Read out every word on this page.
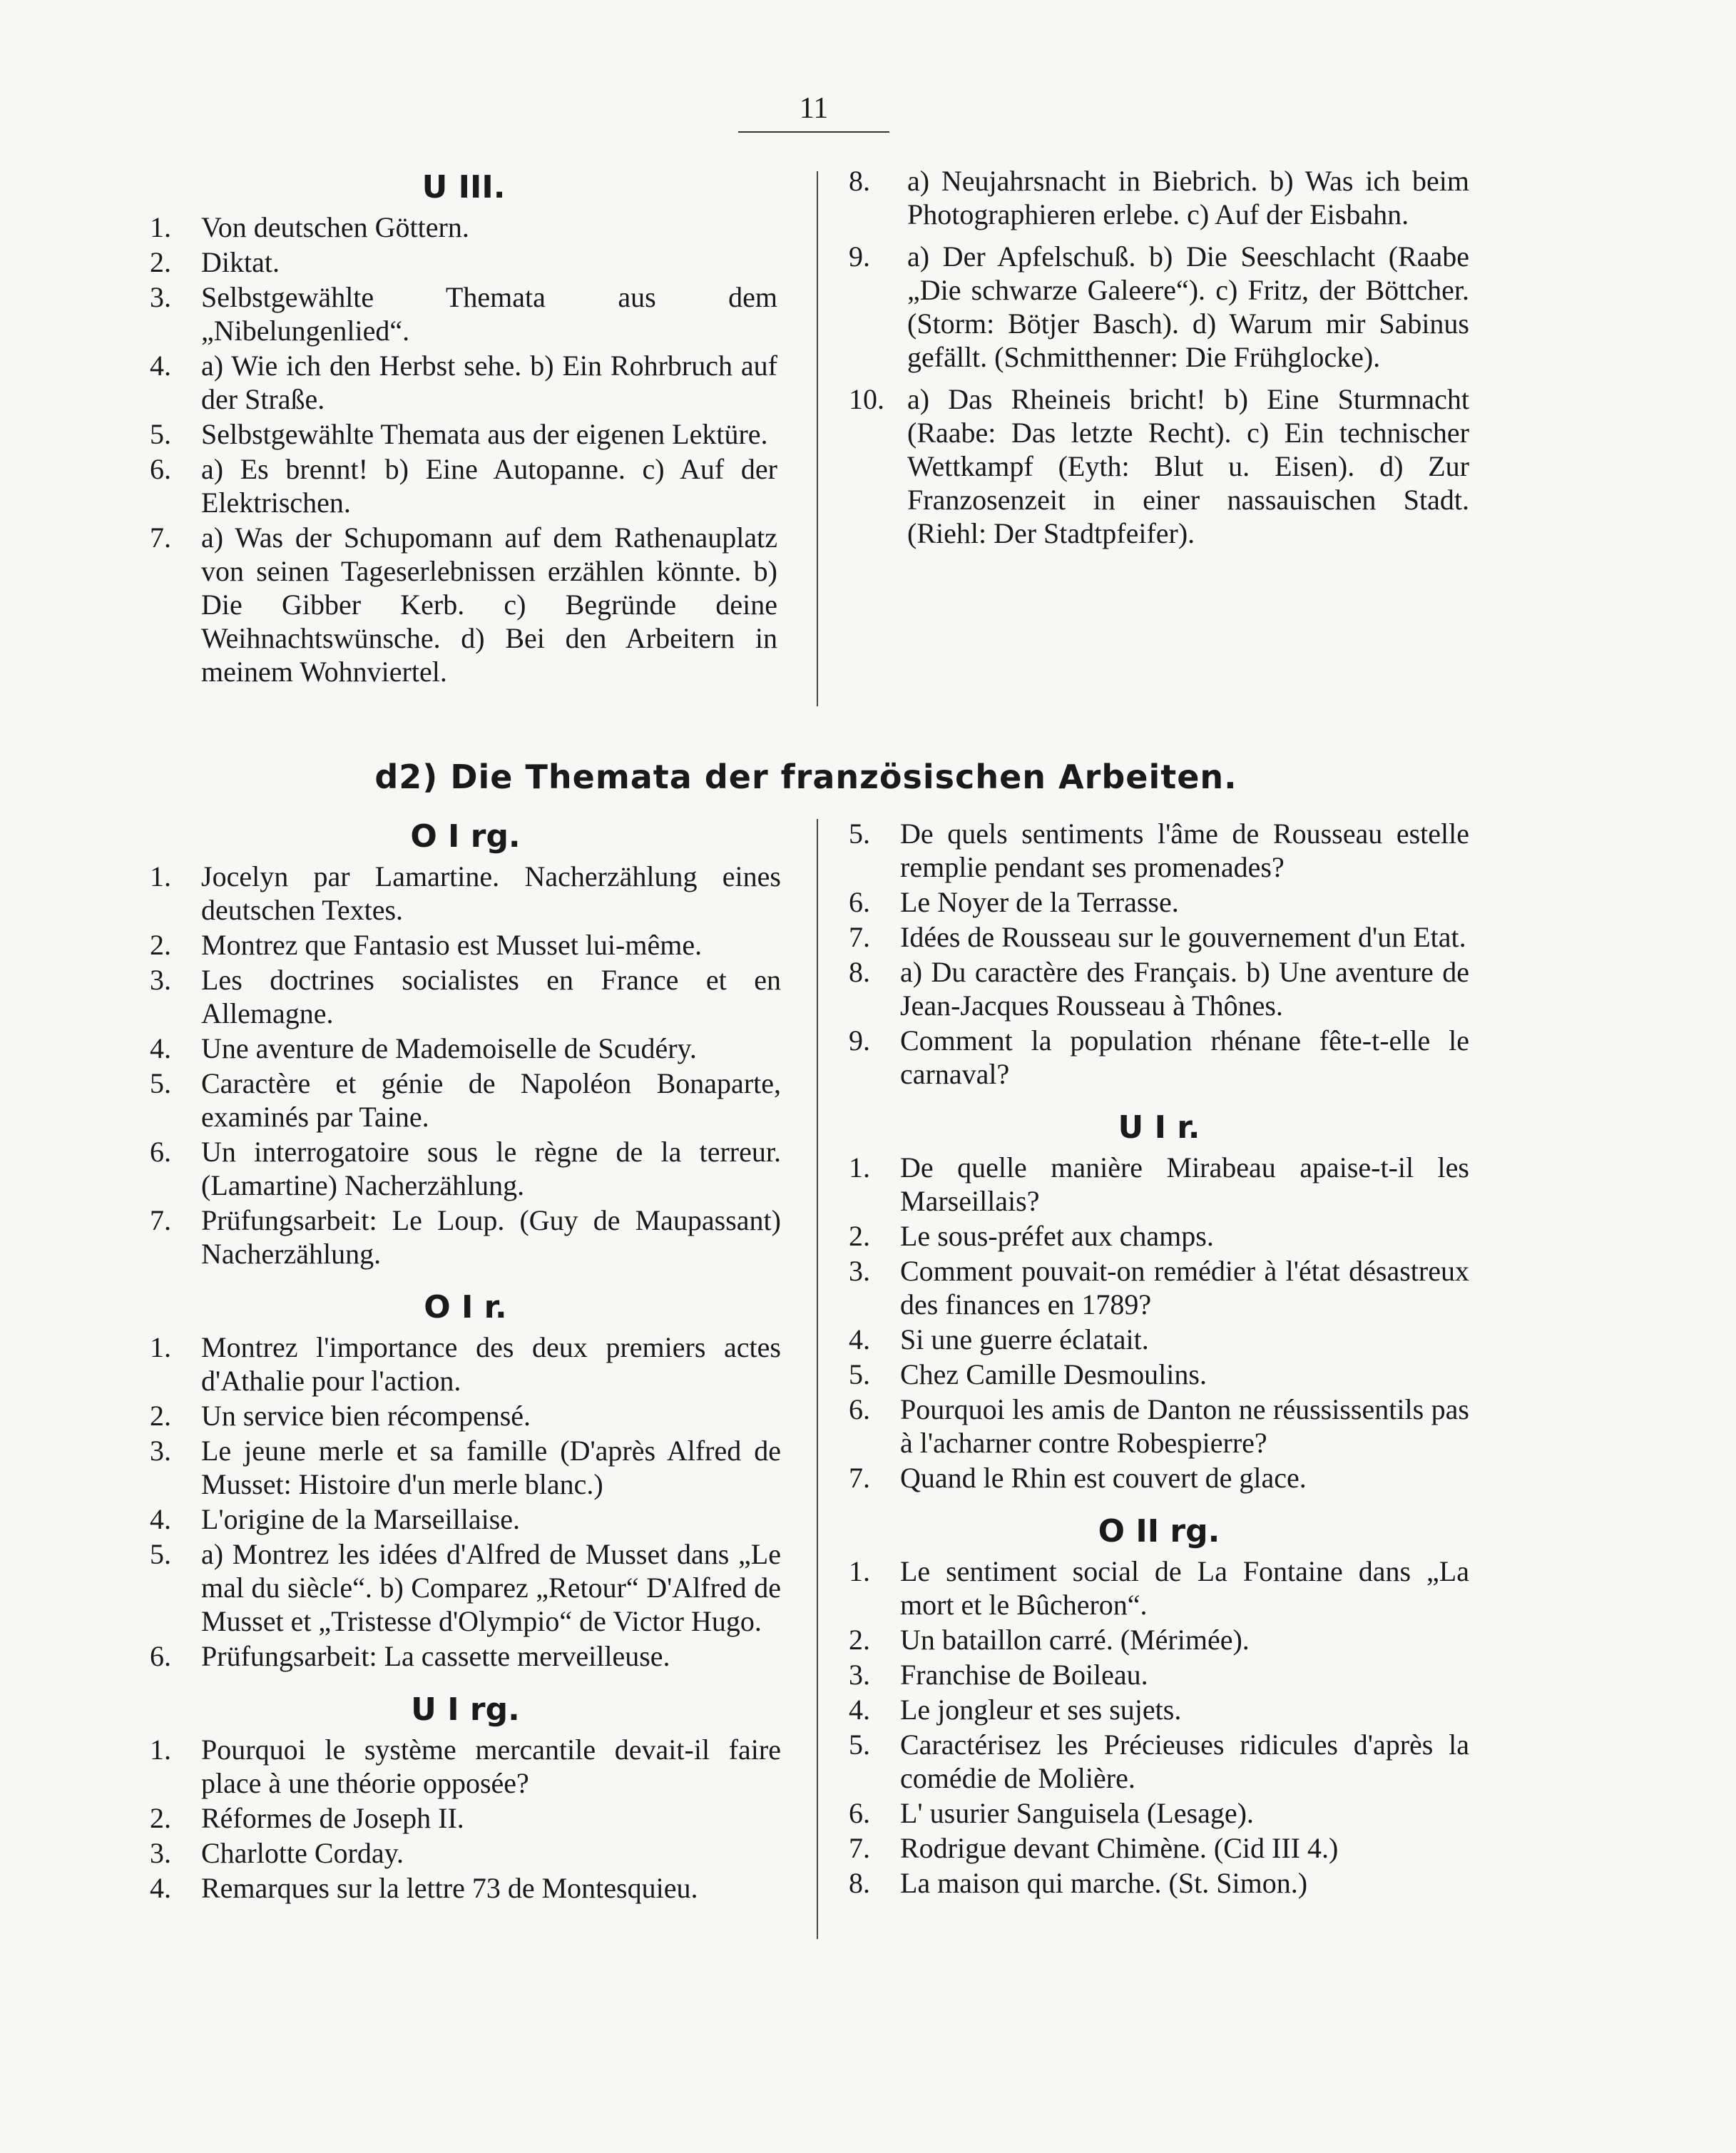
11
U III.
1. Von deutschen Göttern.
2. Diktat.
3. Selbstgewählte Themata aus dem „Nibelungenlied“.
4. a) Wie ich den Herbst sehe. b) Ein Rohrbruch auf der Straße.
5. Selbstgewählte Themata aus der eigenen Lektüre.
6. a) Es brennt! b) Eine Autopanne. c) Auf der Elektrischen.
7. a) Was der Schupomann auf dem Rathenauplatz von seinen Tageserlebnissen erzählen könnte. b) Die Gibber Kerb. c) Begründe deine Weihnachtswünsche. d) Bei den Arbeitern in meinem Wohnviertel.
8. a) Neujahrsnacht in Biebrich. b) Was ich beim Photographieren erlebe. c) Auf der Eisbahn.
9. a) Der Apfelschuß. b) Die Seeschlacht (Raabe „Die schwarze Galeere“). c) Fritz, der Böttcher. (Storm: Bötjer Basch). d) Warum mir Sabinus gefällt. (Schmitthenner: Die Frühglocke).
10. a) Das Rheineis bricht! b) Eine Sturmnacht (Raabe: Das letzte Recht). c) Ein technischer Wettkampf (Eyth: Blut u. Eisen). d) Zur Franzosenzeit in einer nassauischen Stadt. (Riehl: Der Stadtpfeifer).
d2) Die Themata der französischen Arbeiten.
O I rg.
1. Jocelyn par Lamartine. Nacherzählung eines deutschen Textes.
2. Montrez que Fantasio est Musset lui-même.
3. Les doctrines socialistes en France et en Allemagne.
4. Une aventure de Mademoiselle de Scudéry.
5. Caractère et génie de Napoléon Bonaparte, examinés par Taine.
6. Un interrogatoire sous le règne de la terreur. (Lamartine) Nacherzählung.
7. Prüfungsarbeit: Le Loup. (Guy de Maupassant) Nacherzählung.
O I r.
1. Montrez l'importance des deux premiers actes d'Athalie pour l'action.
2. Un service bien récompensé.
3. Le jeune merle et sa famille (D'après Alfred de Musset: Histoire d'un merle blanc.)
4. L'origine de la Marseillaise.
5. a) Montrez les idées d'Alfred de Musset dans „Le mal du siècle“. b) Comparez „Retour“ D'Alfred de Musset et „Tristesse d'Olympio“ de Victor Hugo.
6. Prüfungsarbeit: La cassette merveilleuse.
U I rg.
1. Pourquoi le système mercantile devait-il faire place à une théorie opposée?
2. Réformes de Joseph II.
3. Charlotte Corday.
4. Remarques sur la lettre 73 de Montesquieu.
5. De quels sentiments l'âme de Rousseau estelle remplie pendant ses promenades?
6. Le Noyer de la Terrasse.
7. Idées de Rousseau sur le gouvernement d'un Etat.
8. a) Du caractère des Français. b) Une aventure de Jean-Jacques Rousseau à Thônes.
9. Comment la population rhénane fête-t-elle le carnaval?
U I r.
1. De quelle manière Mirabeau apaise-t-il les Marseillais?
2. Le sous-préfet aux champs.
3. Comment pouvait-on remédier à l'état désastreux des finances en 1789?
4. Si une guerre éclatait.
5. Chez Camille Desmoulins.
6. Pourquoi les amis de Danton ne réussissentils pas à l'acharner contre Robespierre?
7. Quand le Rhin est couvert de glace.
O II rg.
1. Le sentiment social de La Fontaine dans „La mort et le Bûcheron“.
2. Un bataillon carré. (Mérimée).
3. Franchise de Boileau.
4. Le jongleur et ses sujets.
5. Caractérisez les Précieuses ridicules d'après la comédie de Molière.
6. L' usurier Sanguisela (Lesage).
7. Rodrigue devant Chimène. (Cid III 4.)
8. La maison qui marche. (St. Simon.)
